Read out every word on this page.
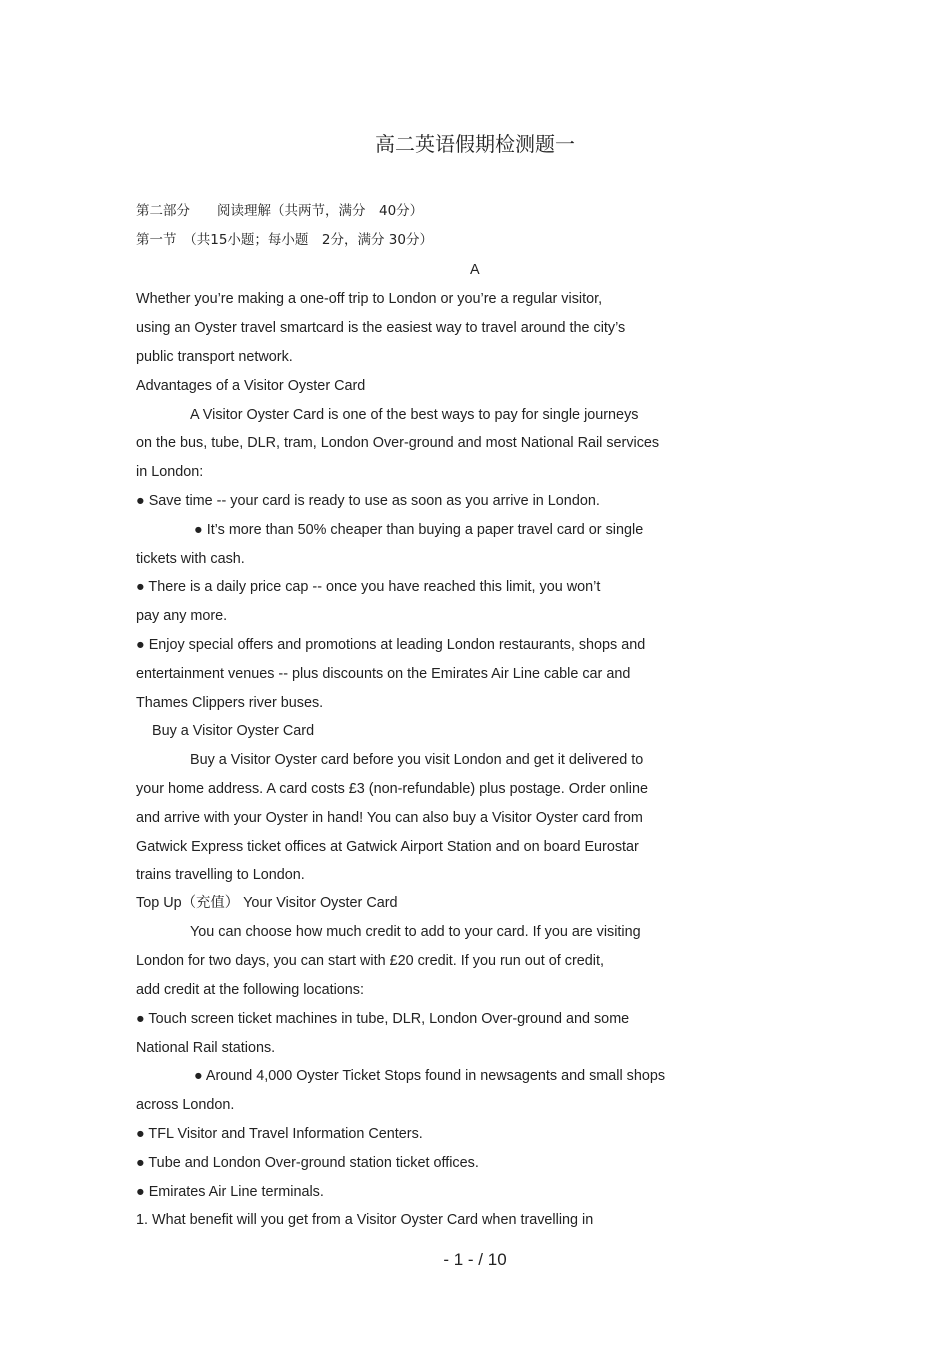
高二英语假期检测题一
第二部分　　阅读理解（共两节，满分　40分）
第一节　（共15小题；每小题　2分，满分 30分）
A
Whether you’re making a one-off trip to London or you’re a regular visitor,
using an Oyster travel smartcard is the easiest way to travel around the city’s
public transport network.
Advantages of a Visitor Oyster Card
A Visitor Oyster Card is one of the best ways to pay for single journeys
on the bus, tube, DLR, tram, London Over-ground and most National Rail services
in London:
● Save time -- your card is ready to use as soon as you arrive in London.
● It’s more than 50% cheaper than buying a paper travel card or single
tickets with cash.
● There is a daily price cap -- once you have reached this limit, you won’t
pay any more.
● Enjoy special offers and promotions at leading London restaurants, shops and
entertainment venues -- plus discounts on the Emirates Air Line cable car and
Thames Clippers river buses.
Buy a Visitor Oyster Card
Buy a Visitor Oyster card before you visit London and get it delivered to
your home address. A card costs £3 (non-refundable) plus postage. Order online
and arrive with your Oyster in hand! You can also buy a Visitor Oyster card from
Gatwick Express ticket offices at Gatwick Airport Station and on board Eurostar
trains travelling to London.
Top Up（充值） Your Visitor Oyster Card
You can choose how much credit to add to your card. If you are visiting
London for two days, you can start with £20 credit. If you run out of credit,
add credit at the following locations:
● Touch screen ticket machines in tube, DLR, London Over-ground and some
National Rail stations.
● Around 4,000 Oyster Ticket Stops found in newsagents and small shops
across London.
● TFL Visitor and Travel Information Centers.
● Tube and London Over-ground station ticket offices.
● Emirates Air Line terminals.
1. What benefit will you get from a Visitor Oyster Card when travelling in
- 1 - / 10
